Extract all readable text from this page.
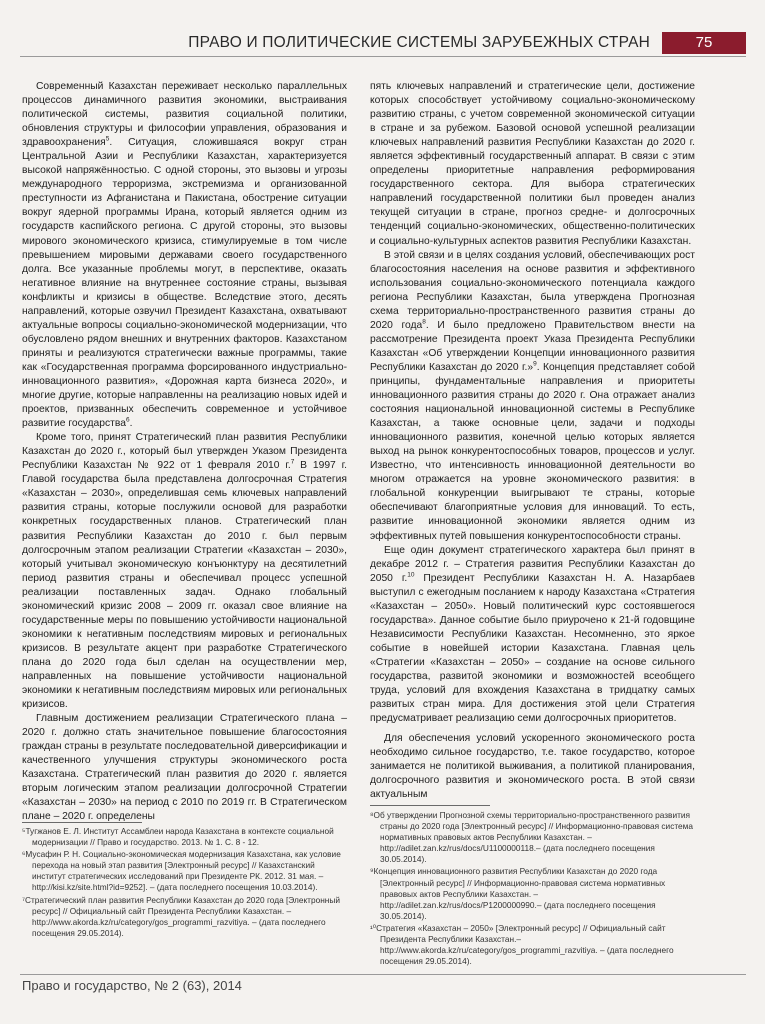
ПРАВО И ПОЛИТИЧЕСКИЕ СИСТЕМЫ ЗАРУБЕЖНЫХ СТРАН	75

Современный Казахстан переживает несколько параллельных процессов динамичного развития экономики, выстраивания политической системы, развития социальной политики, обновления структуры и философии управления, образования и здравоохранения$^5$. Ситуация, сложившаяся вокруг стран Центральной Азии и Республики Казахстан, характеризуется высокой напряжённостью. С одной стороны, это вызовы и угрозы международного терроризма, экстремизма и организованной преступности из Афганистана и Пакистана, обострение ситуации вокруг ядерной программы Ирана, который является одним из государств каспийского региона. С другой стороны, это вызовы мирового экономического кризиса, стимулируемые в том числе превышением мировыми державами своего государственного долга. Все указанные проблемы могут, в перспективе, оказать негативное влияние на внутреннее состояние страны, вызывая конфликты и кризисы в обществе. Вследствие этого, десять направлений, которые озвучил Президент Казахстана, охватывают актуальные вопросы социально-экономической модернизации, что обусловлено рядом внешних и внутренних факторов. Казахстаном приняты и реализуются стратегически важные программы, такие как «Государственная программа форсированного индустриально-инновационного развития», «Дорожная карта бизнеса 2020», и многие другие, которые направленны на реализацию новых идей и проектов, призванных обеспечить современное и устойчивое развитие государства$^6$.

Кроме того, принят Стратегический план развития Республики Казахстан до 2020 г., который был утвержден Указом Президента Республики Казахстан № 922 от 1 февраля 2010 г.$^7$ В 1997 г. Главой государства была представлена долгосрочная Стратегия «Казахстан – 2030», определившая семь ключевых направлений развития страны, которые послужили основой для разработки конкретных государственных планов. Стратегический план развития Республики Казахстан до 2010 г. был первым долгосрочным этапом реализации Стратегии «Казахстан – 2030», который учитывал экономическую конъюнктуру на десятилетний период развития страны и обеспечивал процесс успешной реализации поставленных задач. Однако глобальный экономический кризис 2008 – 2009 гг. оказал свое влияние на государственные меры по повышению устойчивости национальной экономики к негативным последствиям мировых и региональных кризисов. В результате акцент при разработке Стратегического плана до 2020 года был сделан на осуществлении мер, направленных на повышение устойчивости национальной экономики к негативным последствиям мировых или региональных кризисов.

Главным достижением реализации Стратегического плана – 2020 г. должно стать значительное повышение благосостояния граждан страны в результате последовательной диверсификации и качественного улучшения структуры экономического роста Казахстана. Стратегический план развития до 2020 г. является вторым логическим этапом реализации долгосрочной Стратегии «Казахстан – 2030» на период с 2010 по 2019 гг. В Стратегическом плане – 2020 г. определены

пять ключевых направлений и стратегические цели, достижение которых способствует устойчивому социально-экономическому развитию страны, с учетом современной экономической ситуации в стране и за рубежом. Базовой основой успешной реализации ключевых направлений развития Республики Казахстан до 2020 г. является эффективный государственный аппарат. В связи с этим определены приоритетные направления реформирования государственного сектора. Для выбора стратегических направлений государственной политики был проведен анализ текущей ситуации в стране, прогноз средне- и долгосрочных тенденций социально-экономических, общественно-политических и социально-культурных аспектов развития Республики Казахстан.

В этой связи и в целях создания условий, обеспечивающих рост благосостояния населения на основе развития и эффективного использования социально-экономического потенциала каждого региона Республики Казахстан, была утверждена Прогнозная схема территориально-пространственного развития страны до 2020 года$^8$. И было предложено Правительством внести на рассмотрение Президента проект Указа Президента Республики Казахстан «Об утверждении Концепции инновационного развития Республики Казахстан до 2020 г.»$^9$. Концепция представляет собой принципы, фундаментальные направления и приоритеты инновационного развития страны до 2020 г. Она отражает анализ состояния национальной инновационной системы в Республике Казахстан, а также основные цели, задачи и подходы инновационного развития, конечной целью которых является выход на рынок конкурентоспособных товаров, процессов и услуг. Известно, что интенсивность инновационной деятельности во многом отражается на уровне экономического развития: в глобальной конкуренции выигрывают те страны, которые обеспечивают благоприятные условия для инноваций. То есть, развитие инновационной экономики является одним из эффективных путей повышения конкурентоспособности страны.

Еще один документ стратегического характера был принят в декабре 2012 г. – Стратегия развития Республики Казахстан до 2050 г.$^{10}$ Президент Республики Казахстан Н. А. Назарбаев выступил с ежегодным посланием к народу Казахстана «Стратегия «Казахстан – 2050». Новый политический курс состоявшегося государства». Данное событие было приурочено к 21-й годовщине Независимости Республики Казахстан. Несомненно, это яркое событие в новейшей истории Казахстана. Главная цель «Стратегии «Казахстан – 2050» – создание на основе сильного государства, развитой экономики и возможностей всеобщего труда, условий для вхождения Казахстана в тридцатку самых развитых стран мира. Для достижения этой цели Стратегия предусматривает реализацию семи долгосрочных приоритетов.

Для обеспечения условий ускоренного экономического роста необходимо сильное государство, т.е. такое государство, которое занимается не политикой выживания, а политикой планирования, долгосрочного развития и экономического роста. В этой связи актуальным

⁵Тугжанов Е. Л. Институт Ассамблеи народа Казахстана в контексте социальной модернизации // Право и государство. 2013. № 1. С. 8 - 12.
⁶Мусафин Р. Н. Социально-экономическая модернизация Казахстана, как условие перехода на новый этап развития [Электронный ресурс] // Казахстанский институт стратегических исследований при Президенте РК. 2012. 31 мая. – http://kisi.kz/site.html?id=9252]. – (дата последнего посещения 10.03.2014).
⁷Стратегический план развития Республики Казахстан до 2020 года [Электронный ресурс] // Официальный сайт Президента Республики Казахстан. – http://www.akorda.kz/ru/category/gos_programmi_razvitiya. – (дата последнего посещения 29.05.2014).
⁸Об утверждении Прогнозной схемы территориально-пространственного развития страны до 2020 года [Электронный ресурс] // Информационно-правовая система нормативных правовых актов Республики Казахстан. – http://adilet.zan.kz/rus/docs/U1100000118.– (дата последнего посещения 30.05.2014).
⁹Концепция инновационного развития Республики Казахстан до 2020 года [Электронный ресурс] // Информационно-правовая система нормативных правовых актов Республики Казахстан. – http://adilet.zan.kz/rus/docs/P1200000990.– (дата последнего посещения 30.05.2014).
¹⁰Стратегия «Казахстан – 2050» [Электронный ресурс] // Официальный сайт Президента Республики Казахстан.– http://www.akorda.kz/ru/category/gos_programmi_razvitiya. – (дата последнего посещения 29.05.2014).
Право и государство, № 2 (63), 2014
